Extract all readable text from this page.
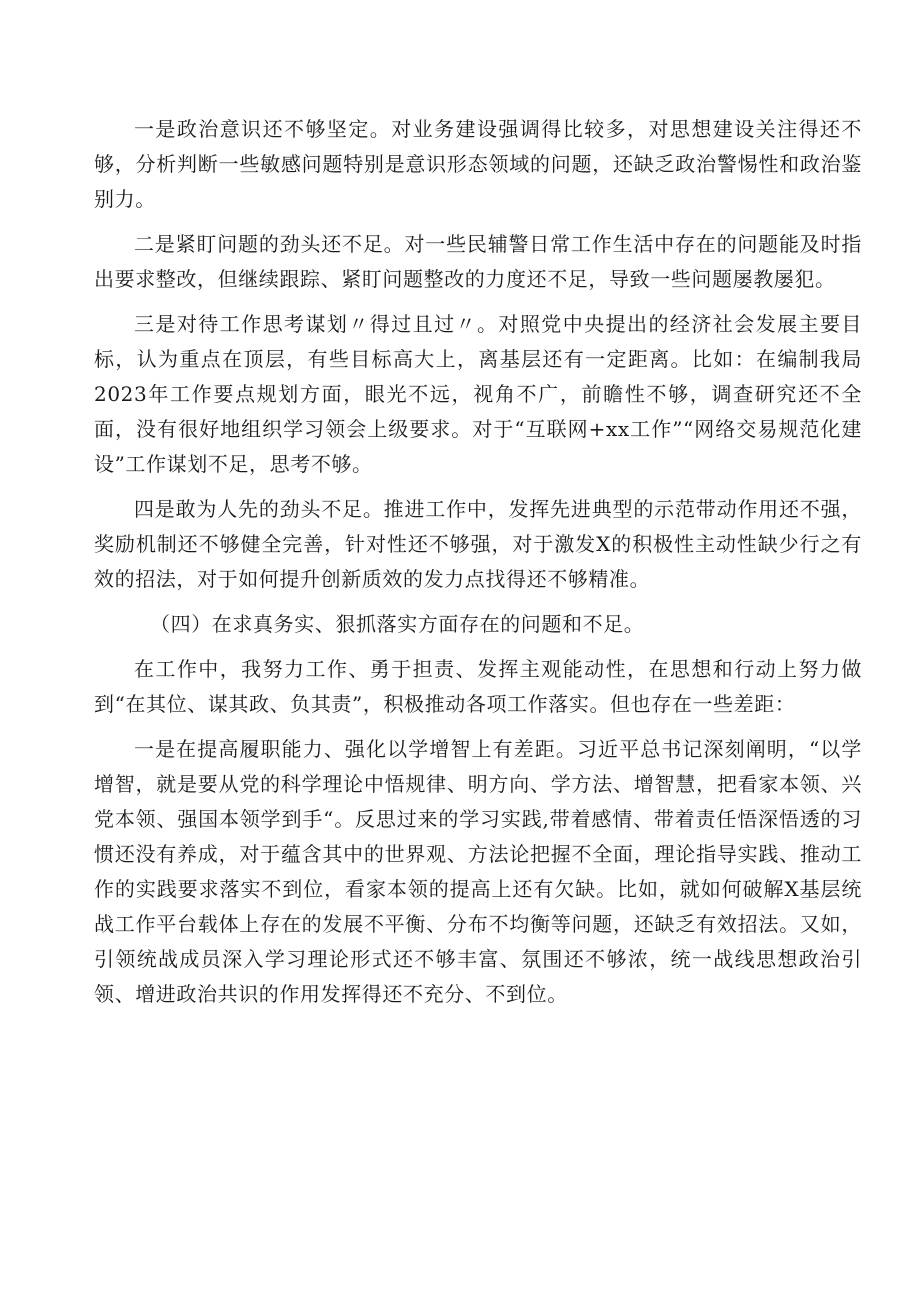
一是政治意识还不够坚定。对业务建设强调得比较多，对思想建设关注得还不够，分析判断一些敏感问题特别是意识形态领域的问题，还缺乏政治警惕性和政治鉴别力。

二是紧盯问题的劲头还不足。对一些民辅警日常工作生活中存在的问题能及时指出要求整改，但继续跟踪、紧盯问题整改的力度还不足，导致一些问题屡教屡犯。

三是对待工作思考谋划〃得过且过〃。对照党中央提出的经济社会发展主要目标，认为重点在顶层，有些目标高大上，离基层还有一定距离。比如：在编制我局2023年工作要点规划方面，眼光不远，视角不广，前瞻性不够，调查研究还不全面，没有很好地组织学习领会上级要求。对于“互联网+xx工作”“网络交易规范化建设”工作谋划不足，思考不够。

四是敢为人先的劲头不足。推进工作中，发挥先进典型的示范带动作用还不强，奖励机制还不够健全完善，针对性还不够强，对于激发X的积极性主动性缺少行之有效的招法，对于如何提升创新质效的发力点找得还不够精准。

（四）在求真务实、狠抓落实方面存在的问题和不足。

在工作中，我努力工作、勇于担责、发挥主观能动性，在思想和行动上努力做到“在其位、谋其政、负其责”，积极推动各项工作落实。但也存在一些差距：

一是在提高履职能力、强化以学增智上有差距。习近平总书记深刻阐明，“以学增智，就是要从党的科学理论中悟规律、明方向、学方法、增智慧，把看家本领、兴党本领、强国本领学到手“。反思过来的学习实践,带着感情、带着责任悟深悟透的习惯还没有养成，对于蕴含其中的世界观、方法论把握不全面，理论指导实践、推动工作的实践要求落实不到位，看家本领的提高上还有欠缺。比如，就如何破解X基层统战工作平台载体上存在的发展不平衡、分布不均衡等问题，还缺乏有效招法。又如，引领统战成员深入学习理论形式还不够丰富、氛围还不够浓，统一战线思想政治引领、增进政治共识的作用发挥得还不充分、不到位。
